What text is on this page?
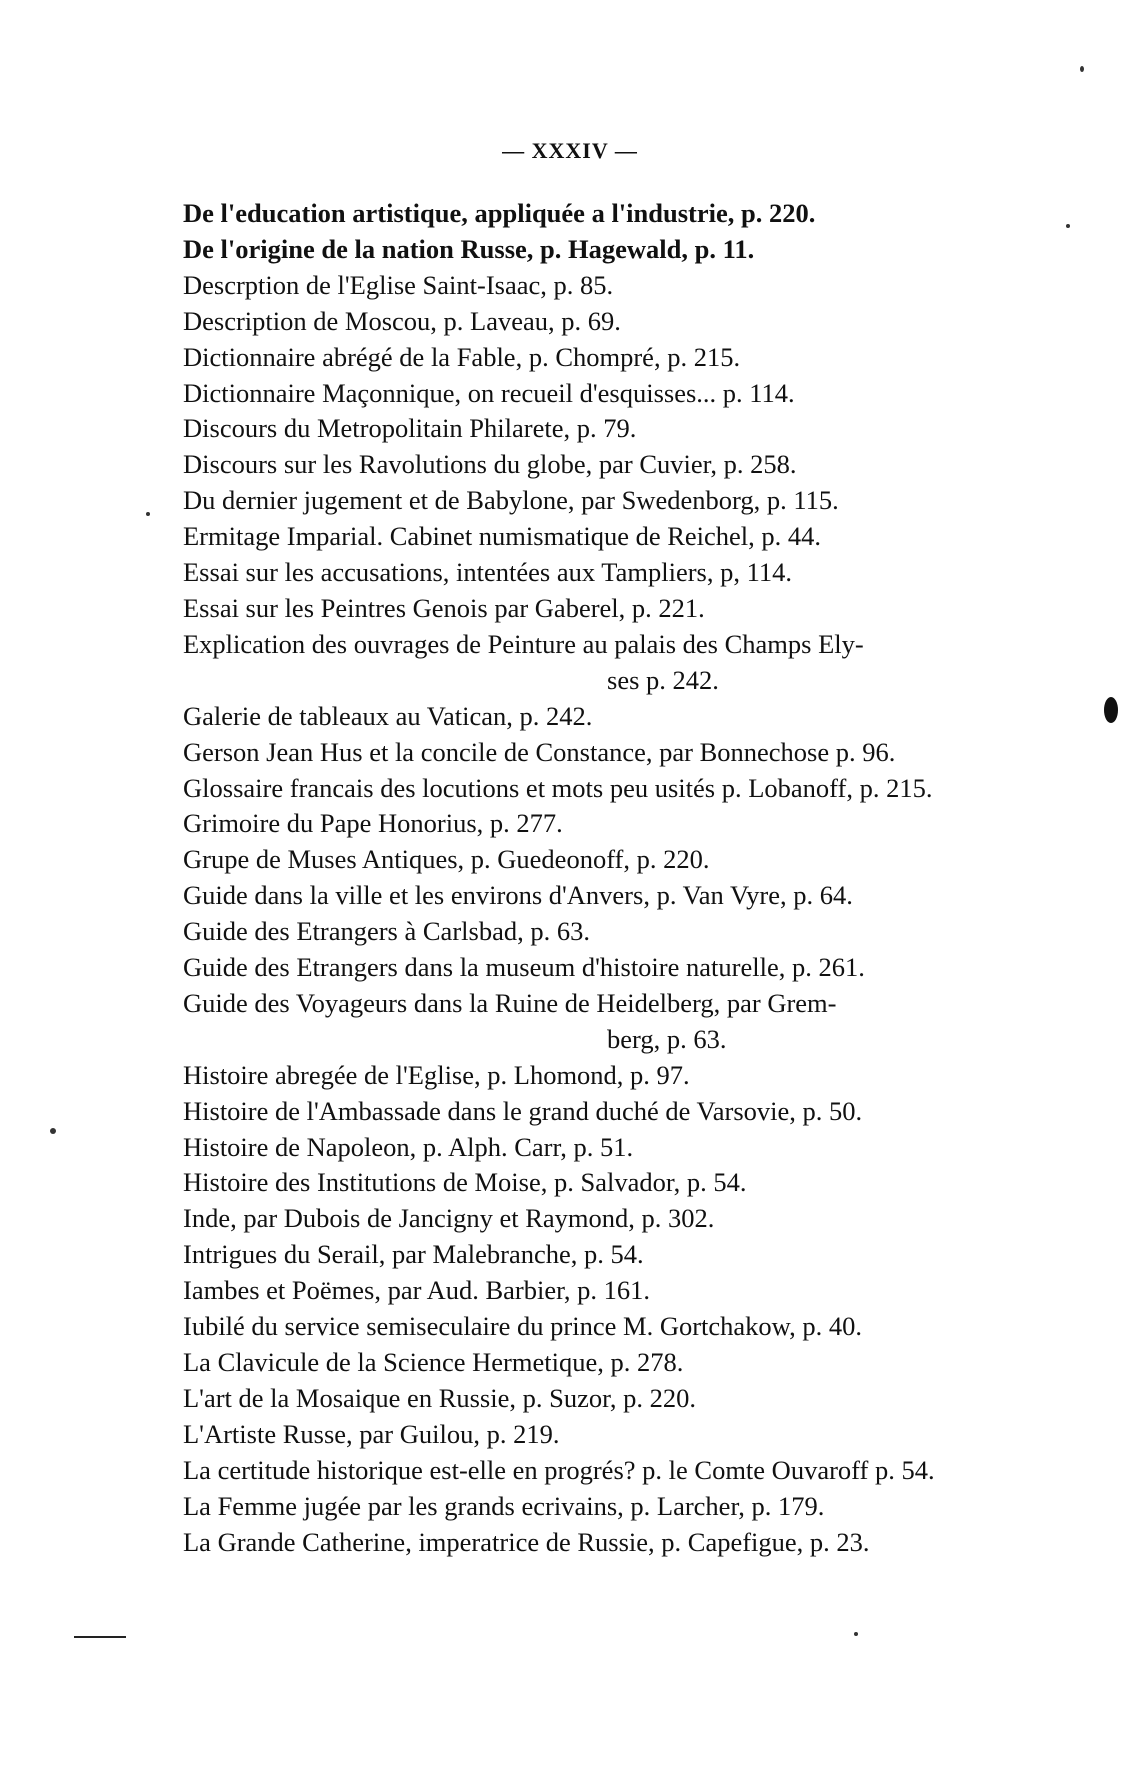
— XXXIV —

De l'education artistique, appliquée a l'industrie, p. 220.

De l'origine de la nation Russe, p. Hagewald, p. 11.

Descrption de l'Eglise Saint-Isaac, p. 85.

Description de Moscou, p. Laveau, p. 69.

Dictionnaire abrégé de la Fable, p. Chompré, p. 215.

Dictionnaire Maçonnique, on recueil d'esquisses... p. 114.

Discours du Metropolitain Philarete, p. 79.

Discours sur les Ravolutions du globe, par Cuvier, p. 258.

Du dernier jugement et de Babylone, par Swedenborg, p. 115.

Ermitage Imparial. Cabinet numismatique de Reichel, p. 44.

Essai sur les accusations, intentées aux Tampliers, p, 114.

Essai sur les Peintres Genois par Gaberel, p. 221.

Explication des ouvrages de Peinture au palais des Champs Ely-

ses p. 242.

Galerie de tableaux au Vatican, p. 242.

Gerson Jean Hus et la concile de Constance, par Bonnechose p. 96.

Glossaire francais des locutions et mots peu usités p. Lobanoff, p. 215.

Grimoire du Pape Honorius, p. 277.

Grupe de Muses Antiques, p. Guedeonoff, p. 220.

Guide dans la ville et les environs d'Anvers, p. Van Vyre, p. 64.

Guide des Etrangers à Carlsbad, p. 63.

Guide des Etrangers dans la museum d'histoire naturelle, p. 261.

Guide des Voyageurs dans la Ruine de Heidelberg, par Grem-

berg, p. 63.

Histoire abregée de l'Eglise, p. Lhomond, p. 97.

Histoire de l'Ambassade dans le grand duché de Varsovie, p. 50.

Histoire de Napoleon, p. Alph. Carr, p. 51.

Histoire des Institutions de Moise, p. Salvador, p. 54.

Inde, par Dubois de Jancigny et Raymond, p. 302.

Intrigues du Serail, par Malebranche, p. 54.

Iambes et Poëmes, par Aud. Barbier, p. 161.

Iubilé du service semiseculaire du prince M. Gortchakow, p. 40.

La Clavicule de la Science Hermetique, p. 278.

L'art de la Mosaique en Russie, p. Suzor, p. 220.

L'Artiste Russe, par Guilou, p. 219.

La certitude historique est-elle en progrés? p. le Comte Ouvaroff p. 54.

La Femme jugée par les grands ecrivains, p. Larcher, p. 179.

La Grande Catherine, imperatrice de Russie, p. Capefigue, p. 23.
